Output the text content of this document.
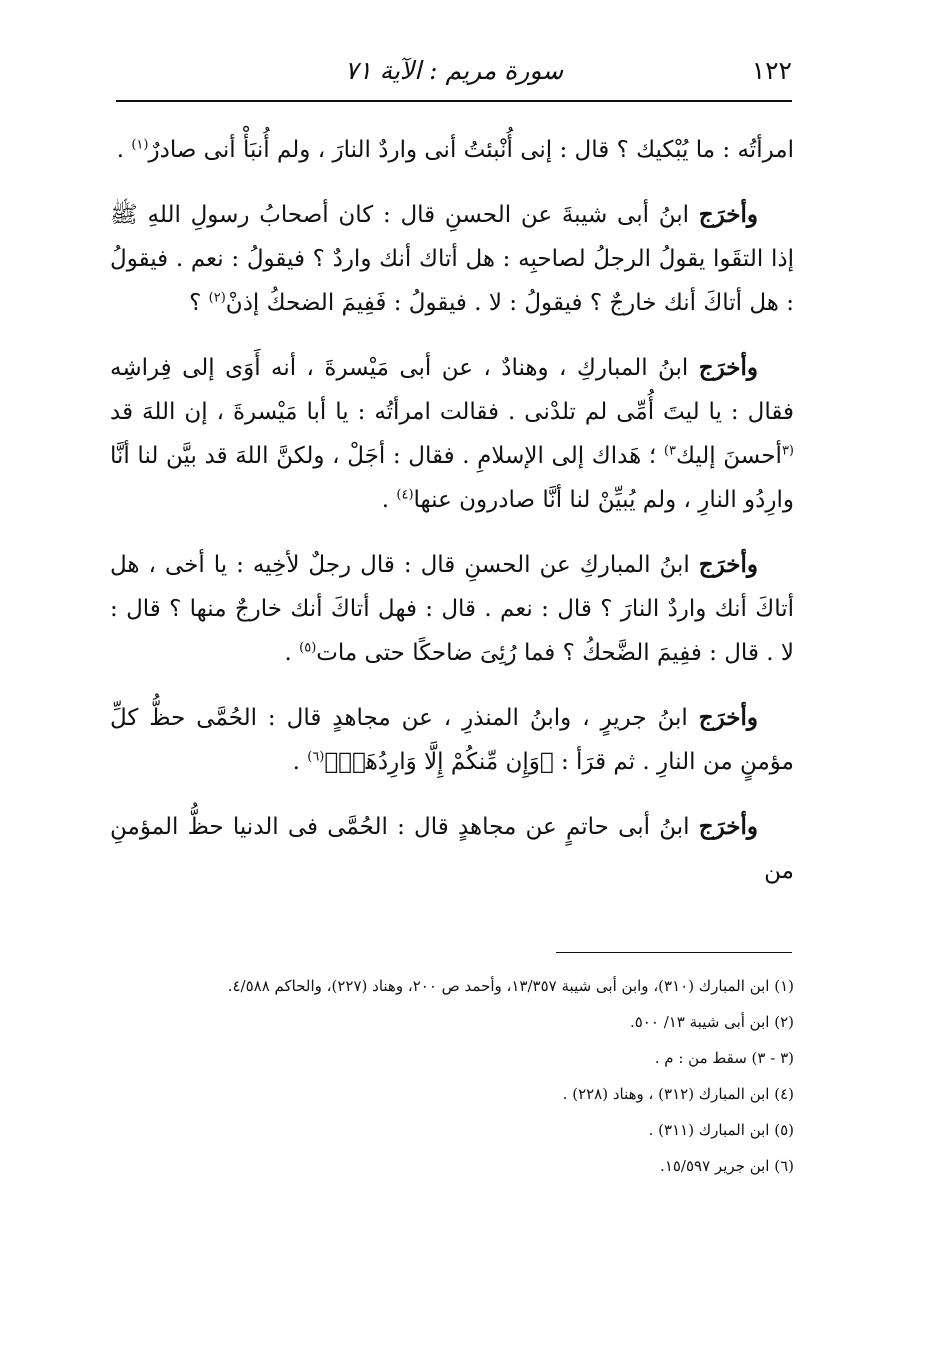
١٢٢
سورة مريم : الآية ٧١

امرأتُه : ما يُبْكيك ؟ قال : إنى أُنْبئتُ أنى واردٌ النارَ ، ولم أُنبَأْ أنى صادرٌ$^{(١)}$ .

وأخرَج ابنُ أبى شيبةَ عن الحسنِ قال : كان أصحابُ رسولِ اللهِ ﷺ إذا التقَوا يقولُ الرجلُ لصاحبِه : هل أتاك أنك واردٌ ؟ فيقولُ : نعم . فيقولُ : هل أتاكَ أنك خارجٌ ؟ فيقولُ : لا . فيقولُ : فَفِيمَ الضحكُ إذنْ$^{(٢)}$ ؟

وأخرَج ابنُ المباركِ ، وهنادٌ ، عن أبى مَيْسرةَ ، أنه أَوَى إلى فِراشِه فقال : يا ليتَ أُمِّى لم تلدْنى . فقالت امرأتُه : يا أبا مَيْسرةَ ، إن اللهَ قد $^{(٣}$أحسنَ إليك$^{٣)}$ ؛ هَداك إلى الإسلامِ . فقال : أجَلْ ، ولكنَّ اللهَ قد بيَّن لنا أنَّا وارِدُو النارِ ، ولم يُبيِّنْ لنا أنَّا صادرون عنها$^{(٤)}$ .

وأخرَج ابنُ المباركِ عن الحسنِ قال : قال رجلٌ لأخِيه : يا أخى ، هل أتاكَ أنك واردٌ النارَ ؟ قال : نعم . قال : فهل أتاكَ أنك خارجٌ منها ؟ قال : لا . قال : ففِيمَ الضَّحكُ ؟ فما رُئِىَ ضاحكًا حتى مات$^{(٥)}$ .

وأخرَج ابنُ جريرٍ ، وابنُ المنذرِ ، عن مجاهدٍ قال : الحُمَّى حظُّ كلِّ مؤمنٍ من النارِ . ثم قرَأ : ﴿وَإِن مِّنكُمْ إِلَّا وَارِدُهَاۚ﴾$^{(٦)}$ .

وأخرَج ابنُ أبى حاتمٍ عن مجاهدٍ قال : الحُمَّى فى الدنيا حظُّ المؤمنِ من

(١) ابن المبارك (٣١٠)، وابن أبى شيبة ١٣/٣٥٧، وأحمد ص ٢٠٠، وهناد (٢٢٧)، والحاكم ٤/٥٨٨.

(٢) ابن أبى شيبة ١٣/ ٥٠٠.

(٣ - ٣) سقط من : م .

(٤) ابن المبارك (٣١٢) ، وهناد (٢٢٨) .

(٥) ابن المبارك (٣١١) .

(٦) ابن جرير ١٥/٥٩٧.
